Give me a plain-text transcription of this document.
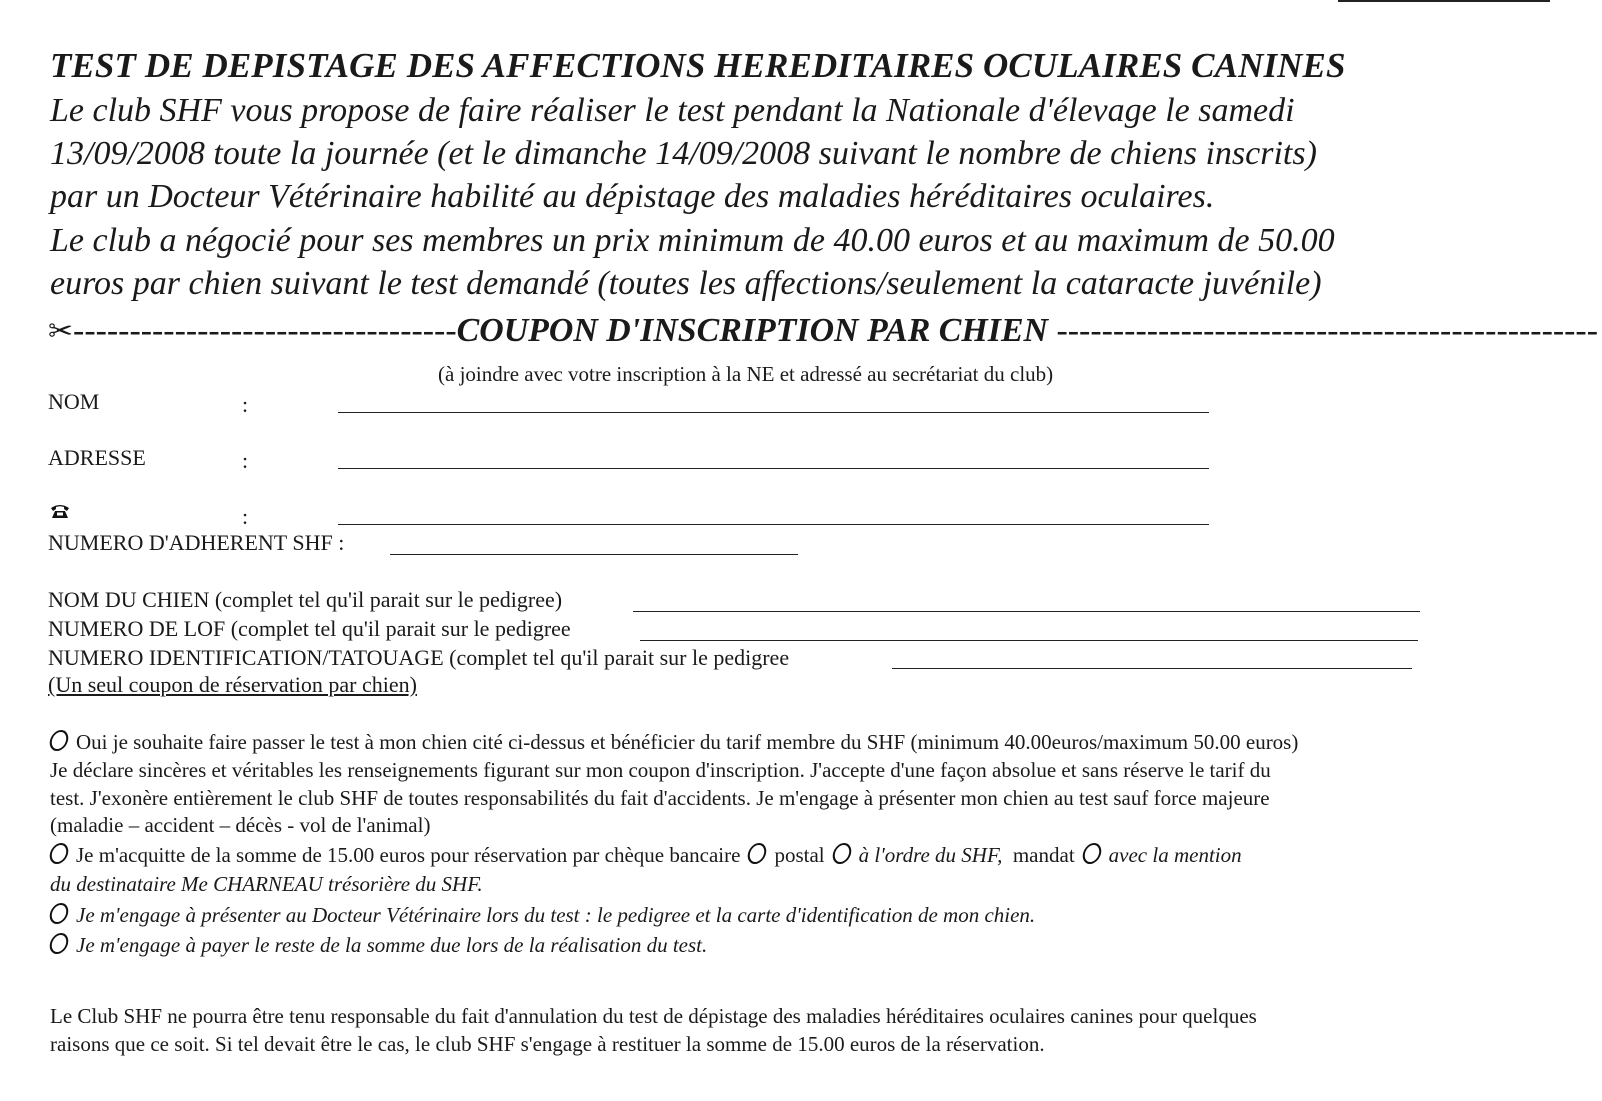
TEST DE DEPISTAGE DES AFFECTIONS HEREDITAIRES OCULAIRES CANINES
Le club SHF vous propose de faire réaliser le test pendant la Nationale d'élevage le samedi
13/09/2008 toute la journée (et le dimanche 14/09/2008 suivant le nombre de chiens inscrits)
par un Docteur Vétérinaire habilité au dépistage des maladies héréditaires oculaires.
Le club a négocié pour ses membres un prix minimum de 40.00 euros et au maximum de 50.00
euros par chien suivant le test demandé (toutes les affections/seulement la cataracte juvénile)
✂----------------------------------COUPON D'INSCRIPTION PAR CHIEN ------------------------------------------------
(à joindre avec votre inscription à la NE et adressé au secrétariat du club)
NOM	:
ADRESSE	:
:
NUMERO D'ADHERENT SHF :
NOM DU CHIEN (complet tel qu'il parait sur le pedigree)
NUMERO DE LOF (complet tel qu'il parait sur le pedigree
NUMERO IDENTIFICATION/TATOUAGE (complet tel qu'il parait sur le pedigree
(Un seul coupon de réservation par chien)
Oui je souhaite faire passer le test à mon chien cité ci-dessus et bénéficier du tarif membre du SHF (minimum 40.00euros/maximum 50.00 euros)
Je déclare sincères et véritables les renseignements figurant sur mon coupon d'inscription. J'accepte d'une façon absolue et sans réserve le tarif du
test. J'exonère entièrement le club SHF de toutes responsabilités du fait d'accidents. Je m'engage à présenter mon chien au test sauf force majeure
(maladie – accident – décès - vol de l'animal)
Je m'acquitte de la somme de 15.00 euros pour réservation par chèque bancaire postal à l'ordre du SHF, mandat avec la mention
du destinataire Me CHARNEAU trésorière du SHF.
Je m'engage à présenter au Docteur Vétérinaire lors du test : le pedigree et la carte d'identification de mon chien.
Je m'engage à payer le reste de la somme due lors de la réalisation du test.
Le Club SHF ne pourra être tenu responsable du fait d'annulation du test de dépistage des maladies héréditaires oculaires canines pour quelques
raisons que ce soit. Si tel devait être le cas, le club SHF s'engage à restituer la somme de 15.00 euros de la réservation.
